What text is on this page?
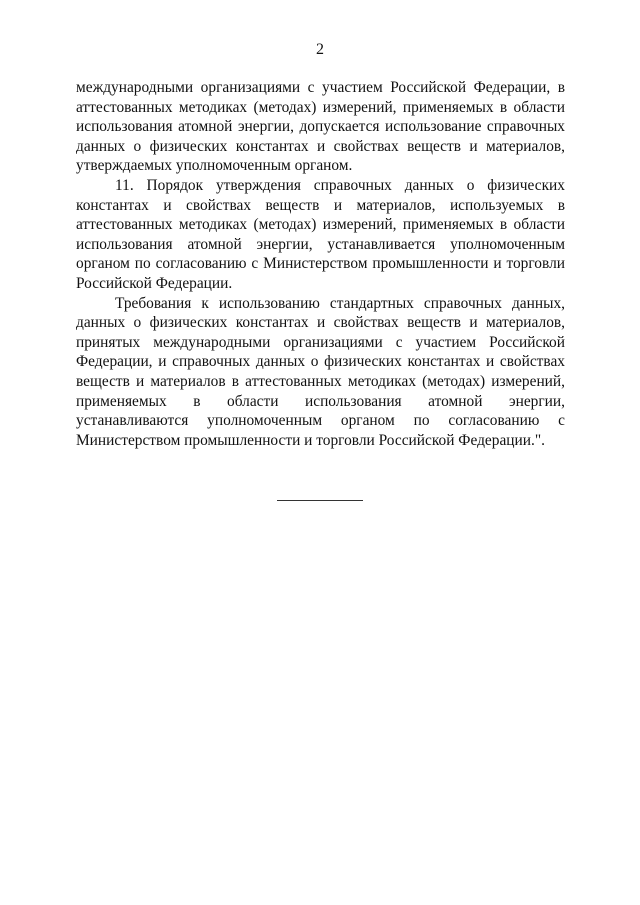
2

международными организациями с участием Российской Федерации, в аттестованных методиках (методах) измерений, применяемых в области использования атомной энергии, допускается использование справочных данных о физических константах и свойствах веществ и материалов, утверждаемых уполномоченным органом.

11. Порядок утверждения справочных данных о физических константах и свойствах веществ и материалов, используемых в аттестованных методиках (методах) измерений, применяемых в области использования атомной энергии, устанавливается уполномоченным органом по согласованию с Министерством промышленности и торговли Российской Федерации.

Требования к использованию стандартных справочных данных, данных о физических константах и свойствах веществ и материалов, принятых международными организациями с участием Российской Федерации, и справочных данных о физических константах и свойствах веществ и материалов в аттестованных методиках (методах) измерений, применяемых в области использования атомной энергии, устанавливаются уполномоченным органом по согласованию с Министерством промышленности и торговли Российской Федерации.".
